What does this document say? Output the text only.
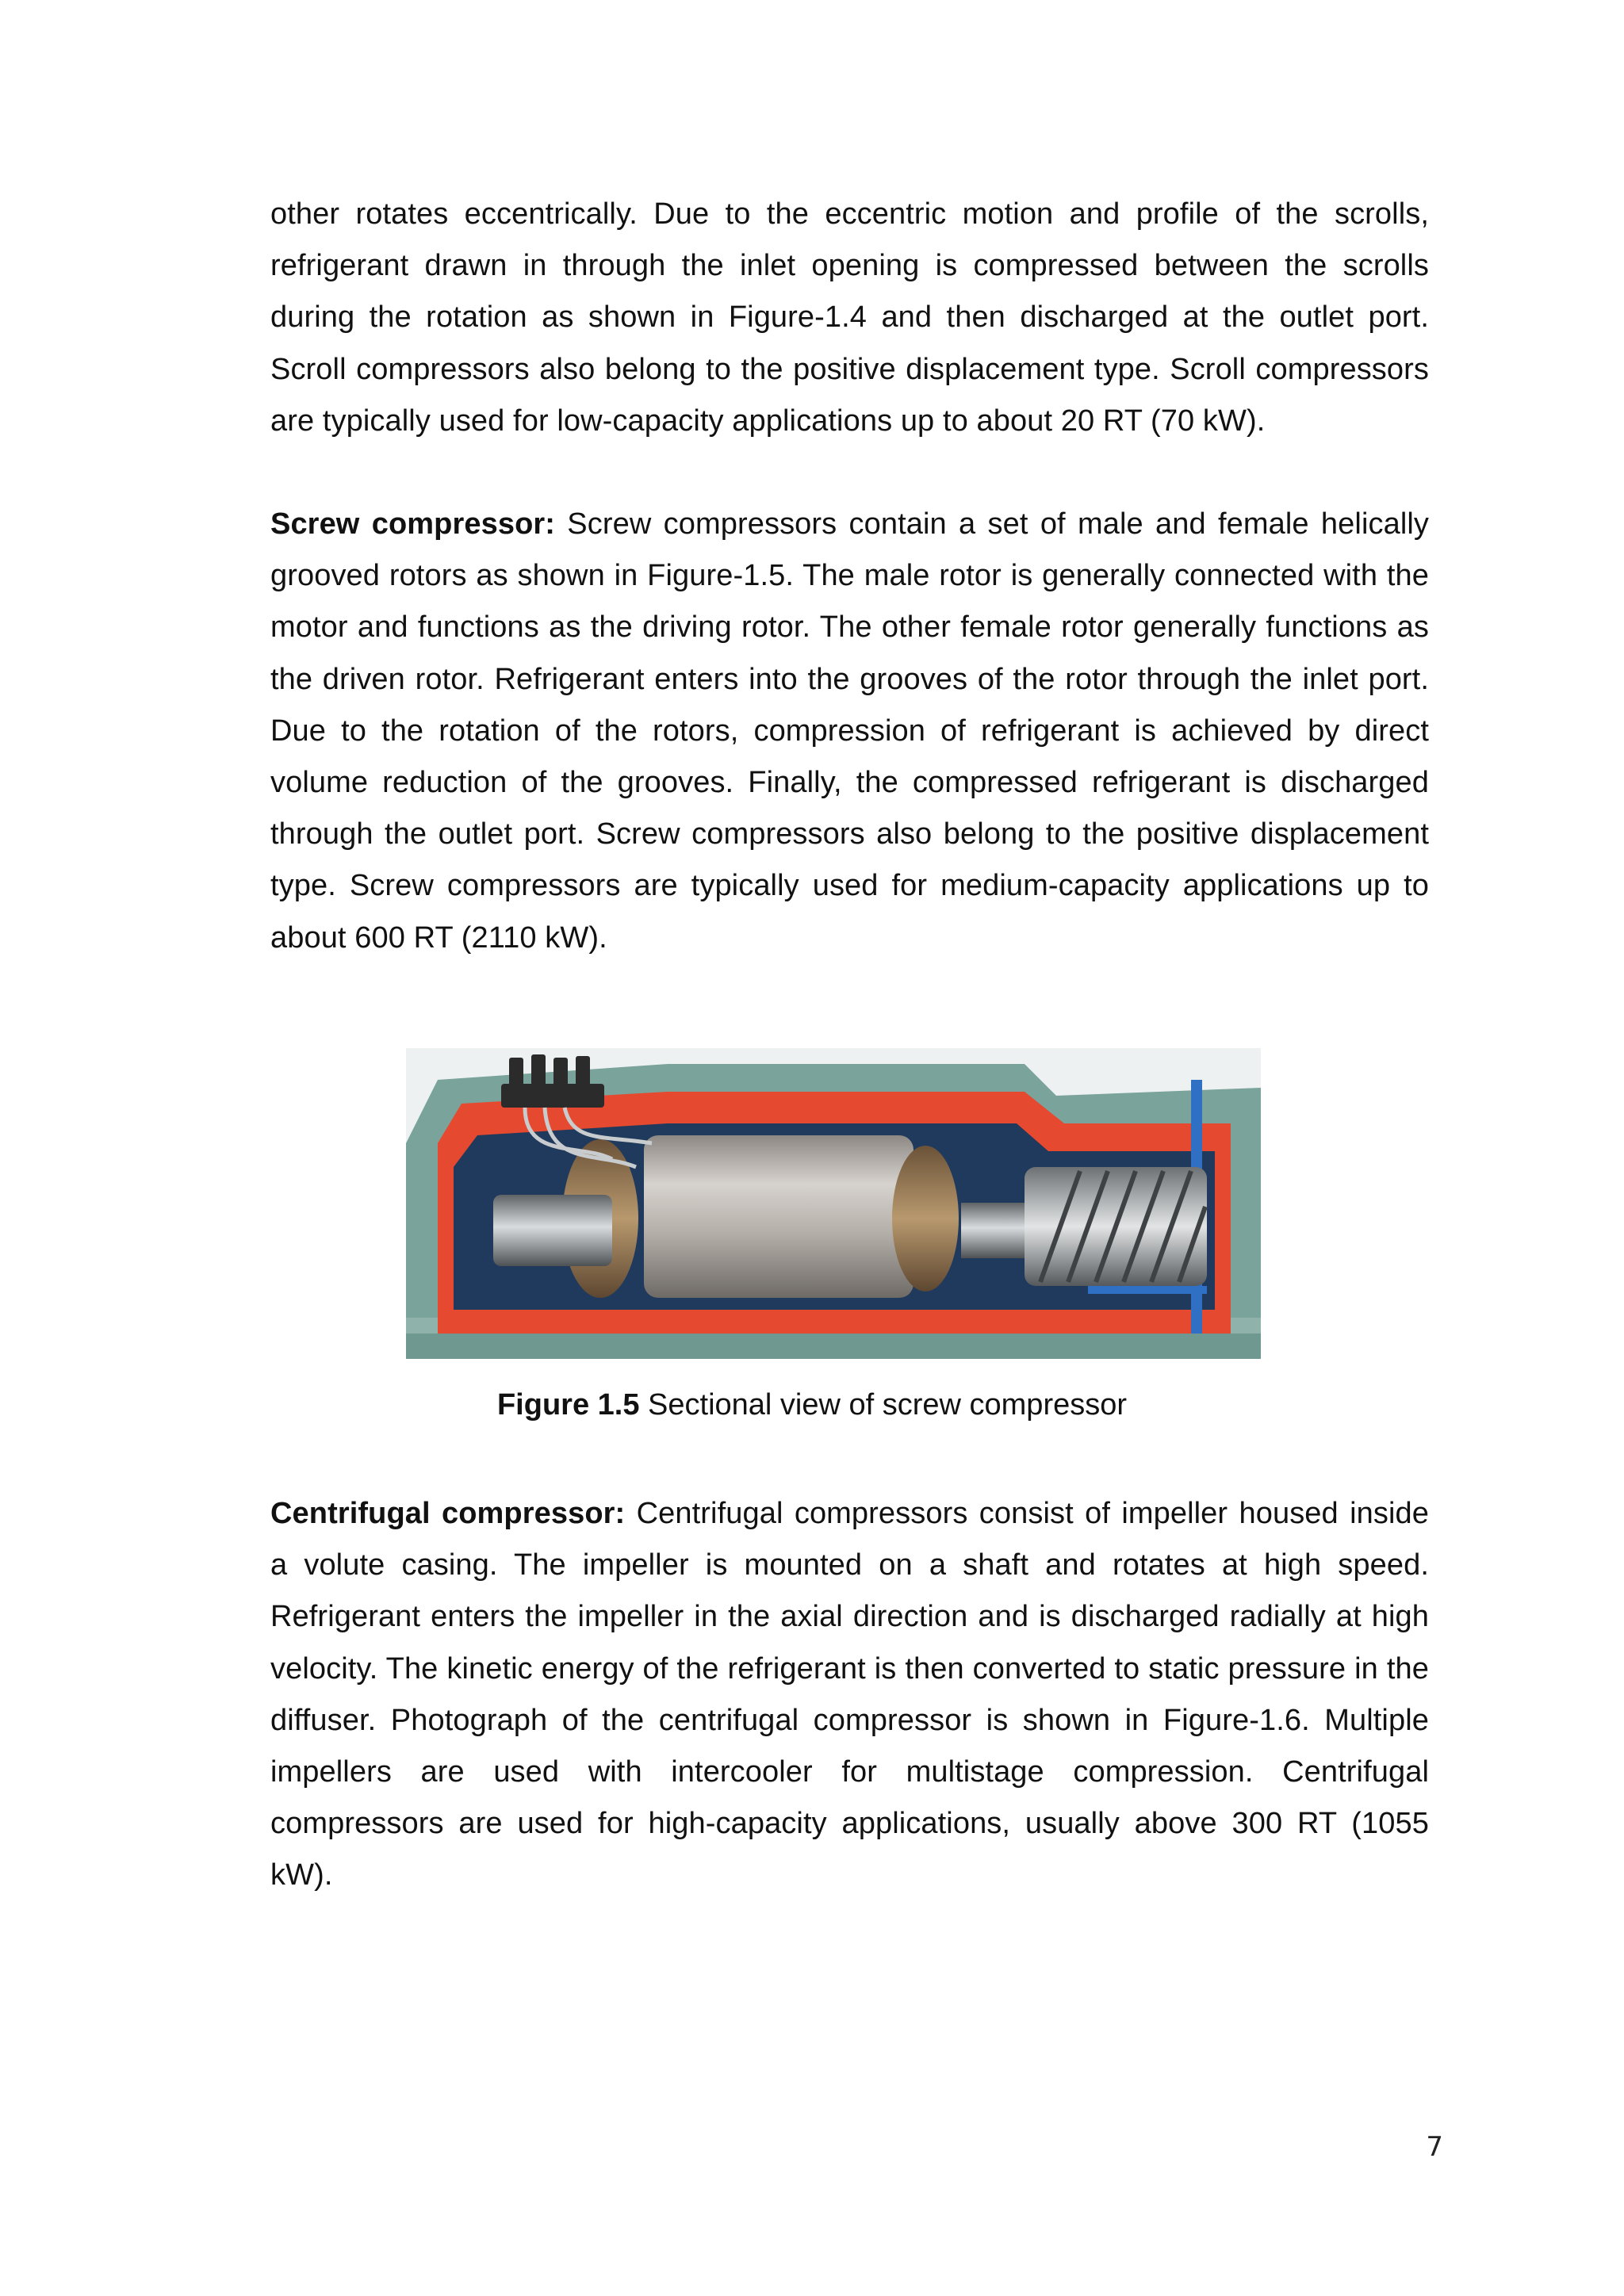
other rotates eccentrically. Due to the eccentric motion and profile of the scrolls, refrigerant drawn in through the inlet opening is compressed between the scrolls during the rotation as shown in Figure-1.4 and then discharged at the outlet port. Scroll compressors also belong to the positive displacement type. Scroll compressors are typically used for low-capacity applications up to about 20 RT (70 kW).

Screw compressor: Screw compressors contain a set of male and female helically grooved rotors as shown in Figure-1.5. The male rotor is generally connected with the motor and functions as the driving rotor. The other female rotor generally functions as the driven rotor. Refrigerant enters into the grooves of the rotor through the inlet port. Due to the rotation of the rotors, compression of refrigerant is achieved by direct volume reduction of the grooves. Finally, the compressed refrigerant is discharged through the outlet port. Screw compressors also belong to the positive displacement type. Screw compressors are typically used for medium-capacity applications up to about 600 RT (2110 kW).

Figure 1.5 Sectional view of screw compressor

Centrifugal compressor: Centrifugal compressors consist of impeller housed inside a volute casing. The impeller is mounted on a shaft and rotates at high speed. Refrigerant enters the impeller in the axial direction and is discharged radially at high velocity. The kinetic energy of the refrigerant is then converted to static pressure in the diffuser. Photograph of the centrifugal compressor is shown in Figure-1.6. Multiple impellers are used with intercooler for multistage compression. Centrifugal compressors are used for high-capacity applications, usually above 300 RT (1055 kW).

7
